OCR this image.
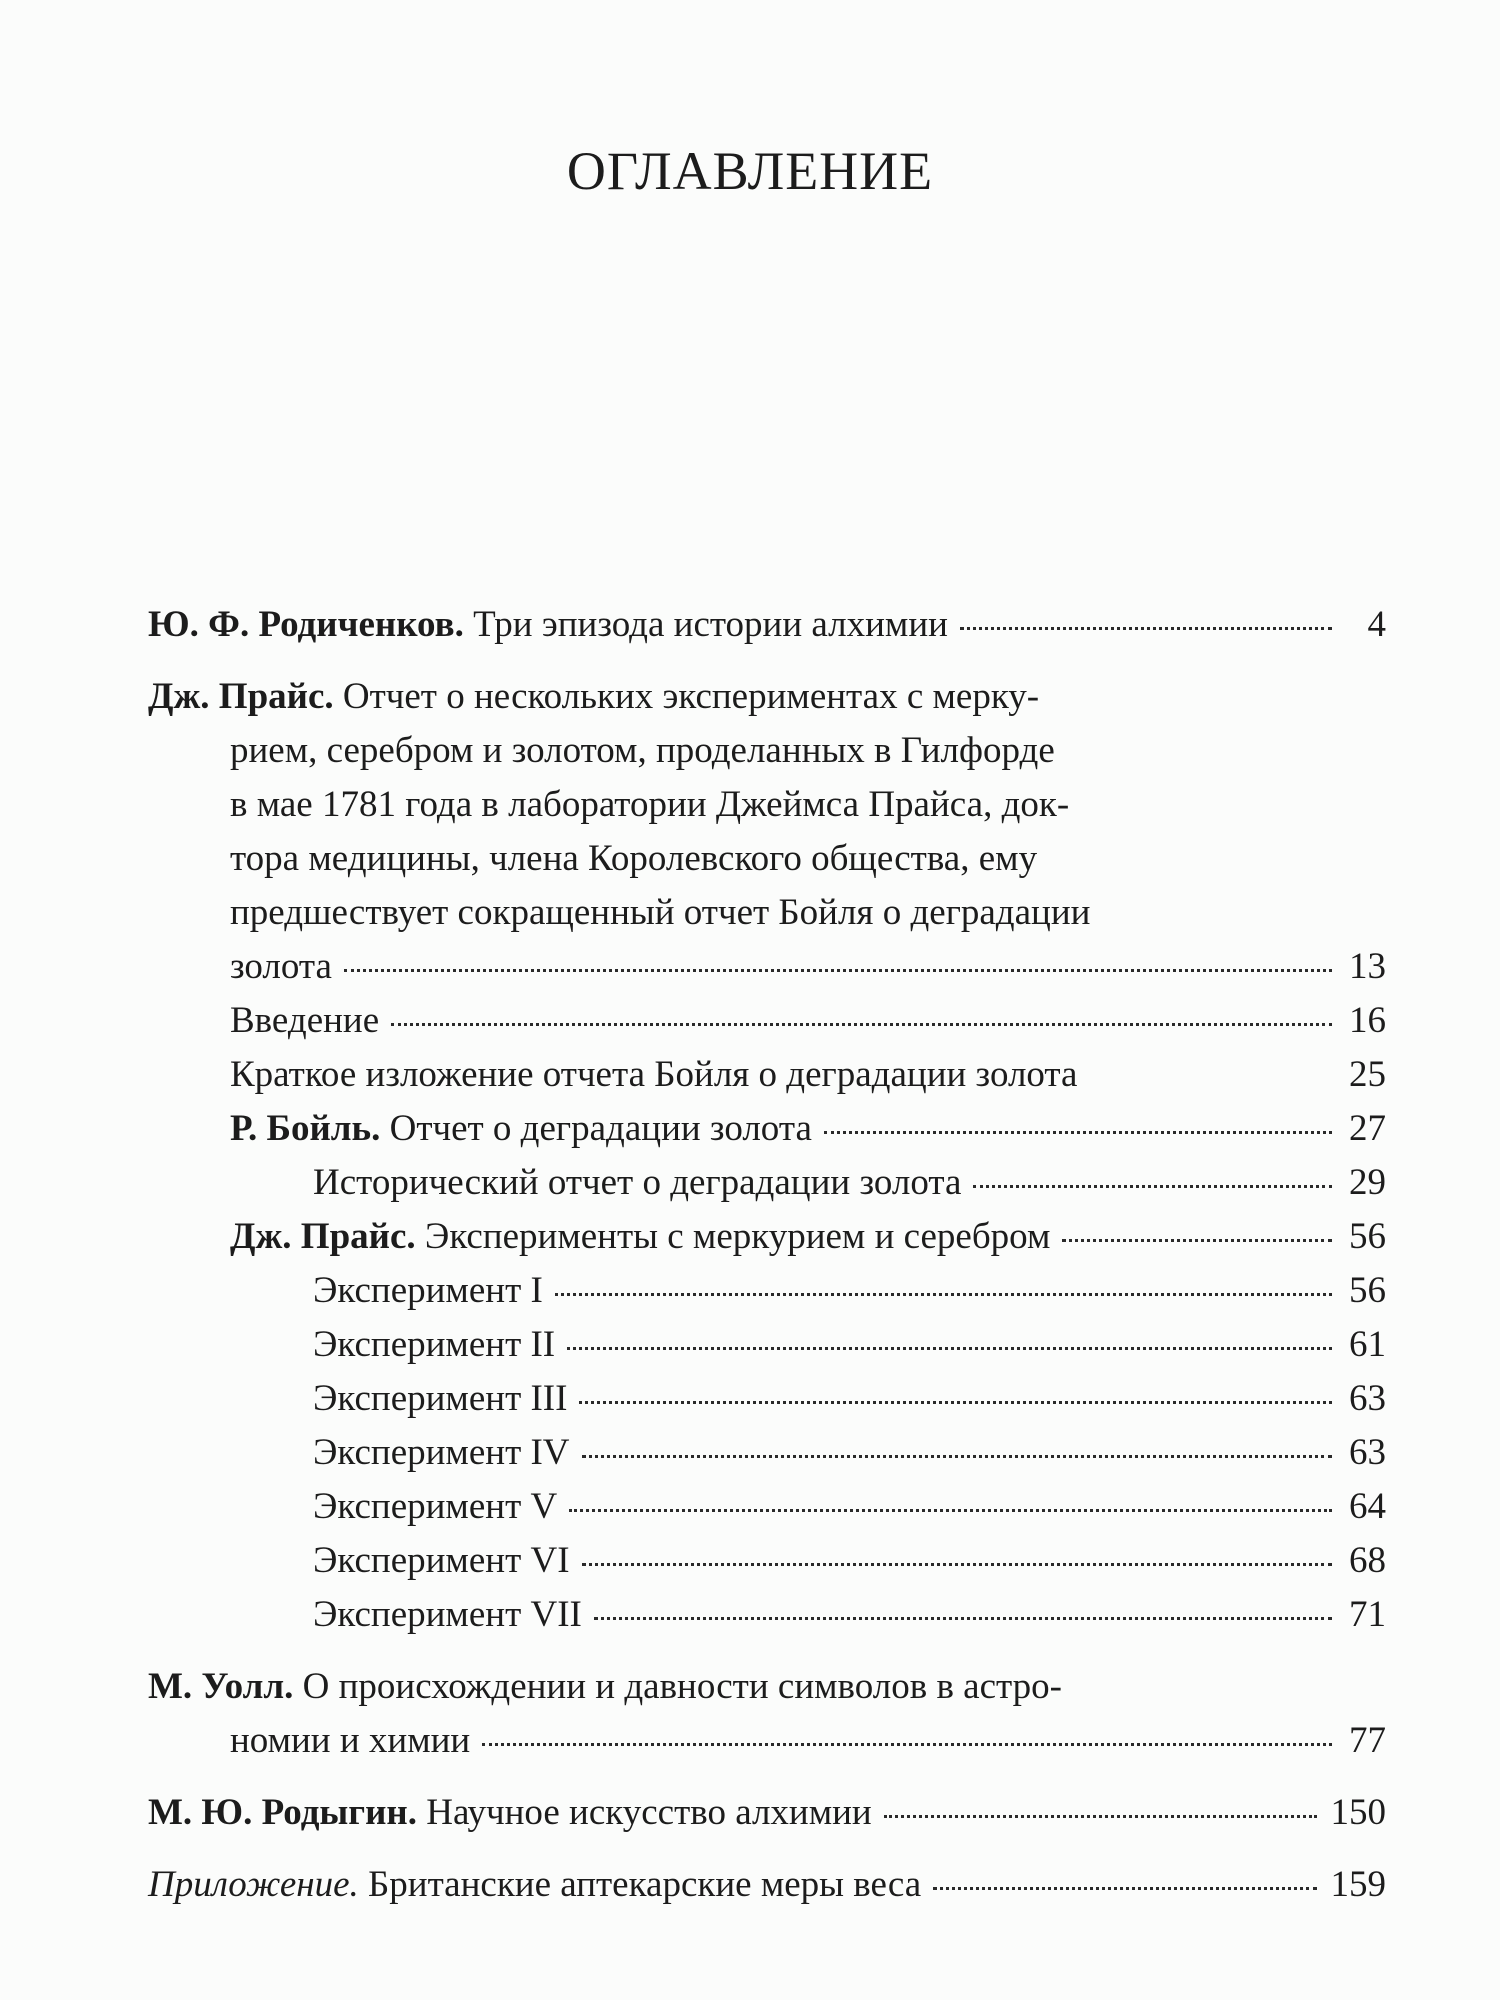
ОГЛАВЛЕНИЕ
Ю. Ф. Родиченков. Три эпизода истории алхимии	4
Дж. Прайс. Отчет о нескольких экспериментах с мерку-
рием, серебром и золотом, проделанных в Гилфорде
в мае 1781 года в лаборатории Джеймса Прайса, док-
тора медицины, члена Королевского общества, ему
предшествует сокращенный отчет Бойля о деградации
золота	13
Введение	16
Краткое изложение отчета Бойля о деградации золота	25
Р. Бойль. Отчет о деградации золота	27
Исторический отчет о деградации золота	29
Дж. Прайс. Эксперименты с меркурием и серебром	56
Эксперимент I	56
Эксперимент II	61
Эксперимент III	63
Эксперимент IV	63
Эксперимент V	64
Эксперимент VI	68
Эксперимент VII	71
М. Уолл. О происхождении и давности символов в астро-
номии и химии	77
М. Ю. Родыгин. Научное искусство алхимии	150
Приложение. Британские аптекарские меры веса	159
